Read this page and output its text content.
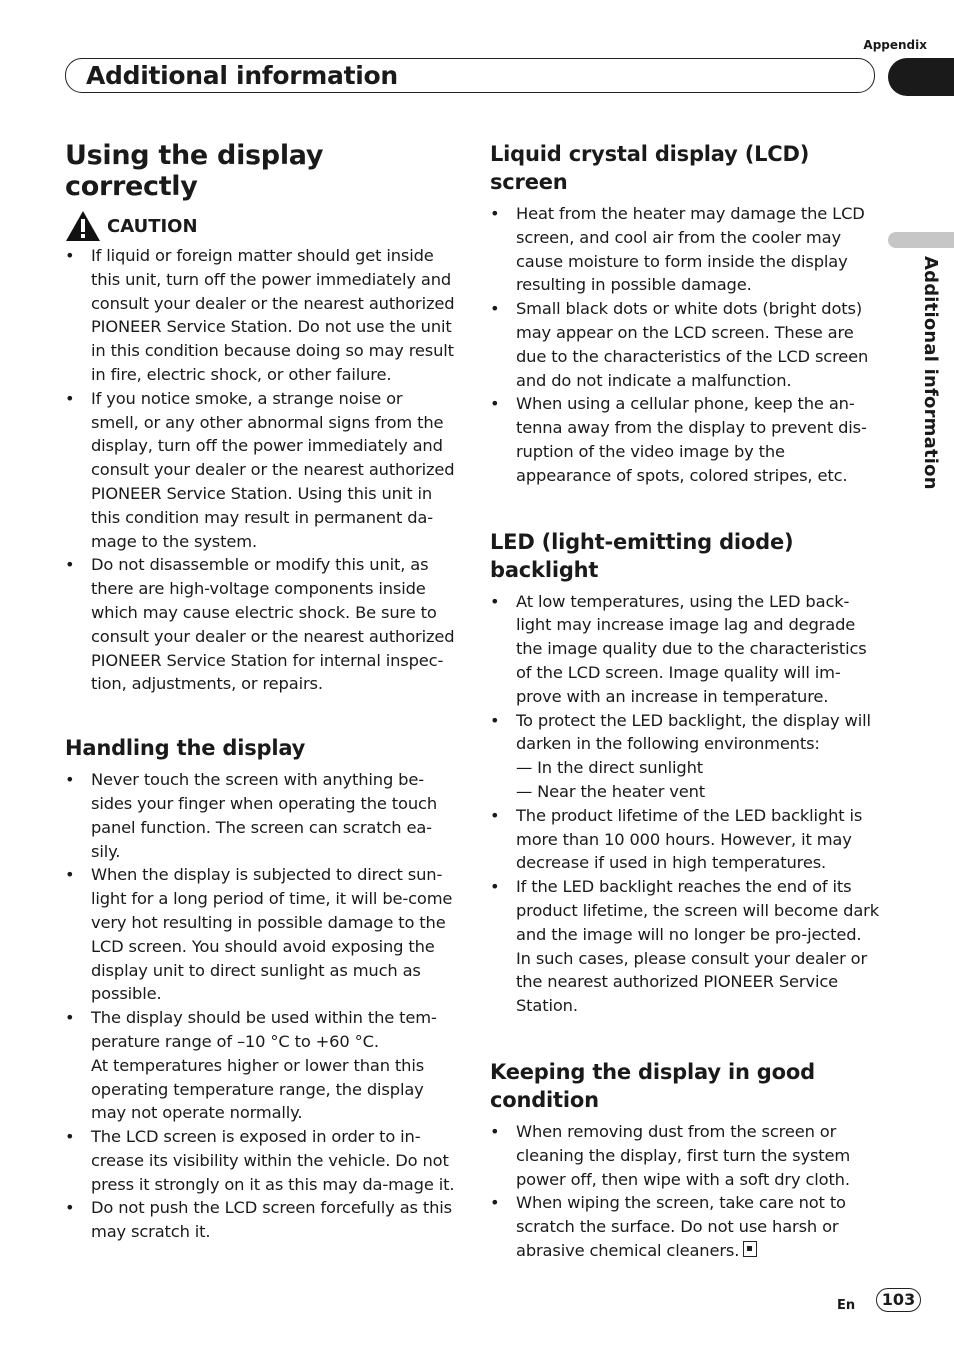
Appendix
Additional information
Additional information
Using the display correctly
CAUTION
• If liquid or foreign matter should get inside this unit, turn off the power immediately and consult your dealer or the nearest authorized PIONEER Service Station. Do not use the unit in this condition because doing so may result in fire, electric shock, or other failure.
• If you notice smoke, a strange noise or smell, or any other abnormal signs from the display, turn off the power immediately and consult your dealer or the nearest authorized PIONEER Service Station. Using this unit in this condition may result in permanent da-mage to the system.
• Do not disassemble or modify this unit, as there are high-voltage components inside which may cause electric shock. Be sure to consult your dealer or the nearest authorized PIONEER Service Station for internal inspec-tion, adjustments, or repairs.
Handling the display
• Never touch the screen with anything be-sides your finger when operating the touch panel function. The screen can scratch ea-sily.
• When the display is subjected to direct sun-light for a long period of time, it will be-come very hot resulting in possible damage to the LCD screen. You should avoid exposing the display unit to direct sunlight as much as possible.
• The display should be used within the tem-perature range of –10 °C to +60 °C.
At temperatures higher or lower than this operating temperature range, the display may not operate normally.
• The LCD screen is exposed in order to in-crease its visibility within the vehicle. Do not press it strongly on it as this may da-mage it.
• Do not push the LCD screen forcefully as this may scratch it.
Liquid crystal display (LCD) screen
• Heat from the heater may damage the LCD screen, and cool air from the cooler may cause moisture to form inside the display resulting in possible damage.
• Small black dots or white dots (bright dots) may appear on the LCD screen. These are due to the characteristics of the LCD screen and do not indicate a malfunction.
• When using a cellular phone, keep the an-tenna away from the display to prevent dis-ruption of the video image by the appearance of spots, colored stripes, etc.
LED (light-emitting diode) backlight
• At low temperatures, using the LED back-light may increase image lag and degrade the image quality due to the characteristics of the LCD screen. Image quality will im-prove with an increase in temperature.
• To protect the LED backlight, the display will darken in the following environments:
— In the direct sunlight
— Near the heater vent
• The product lifetime of the LED backlight is more than 10 000 hours. However, it may decrease if used in high temperatures.
• If the LED backlight reaches the end of its product lifetime, the screen will become dark and the image will no longer be pro-jected. In such cases, please consult your dealer or the nearest authorized PIONEER Service Station.
Keeping the display in good condition
• When removing dust from the screen or cleaning the display, first turn the system power off, then wipe with a soft dry cloth.
• When wiping the screen, take care not to scratch the surface. Do not use harsh or abrasive chemical cleaners.
En	103
